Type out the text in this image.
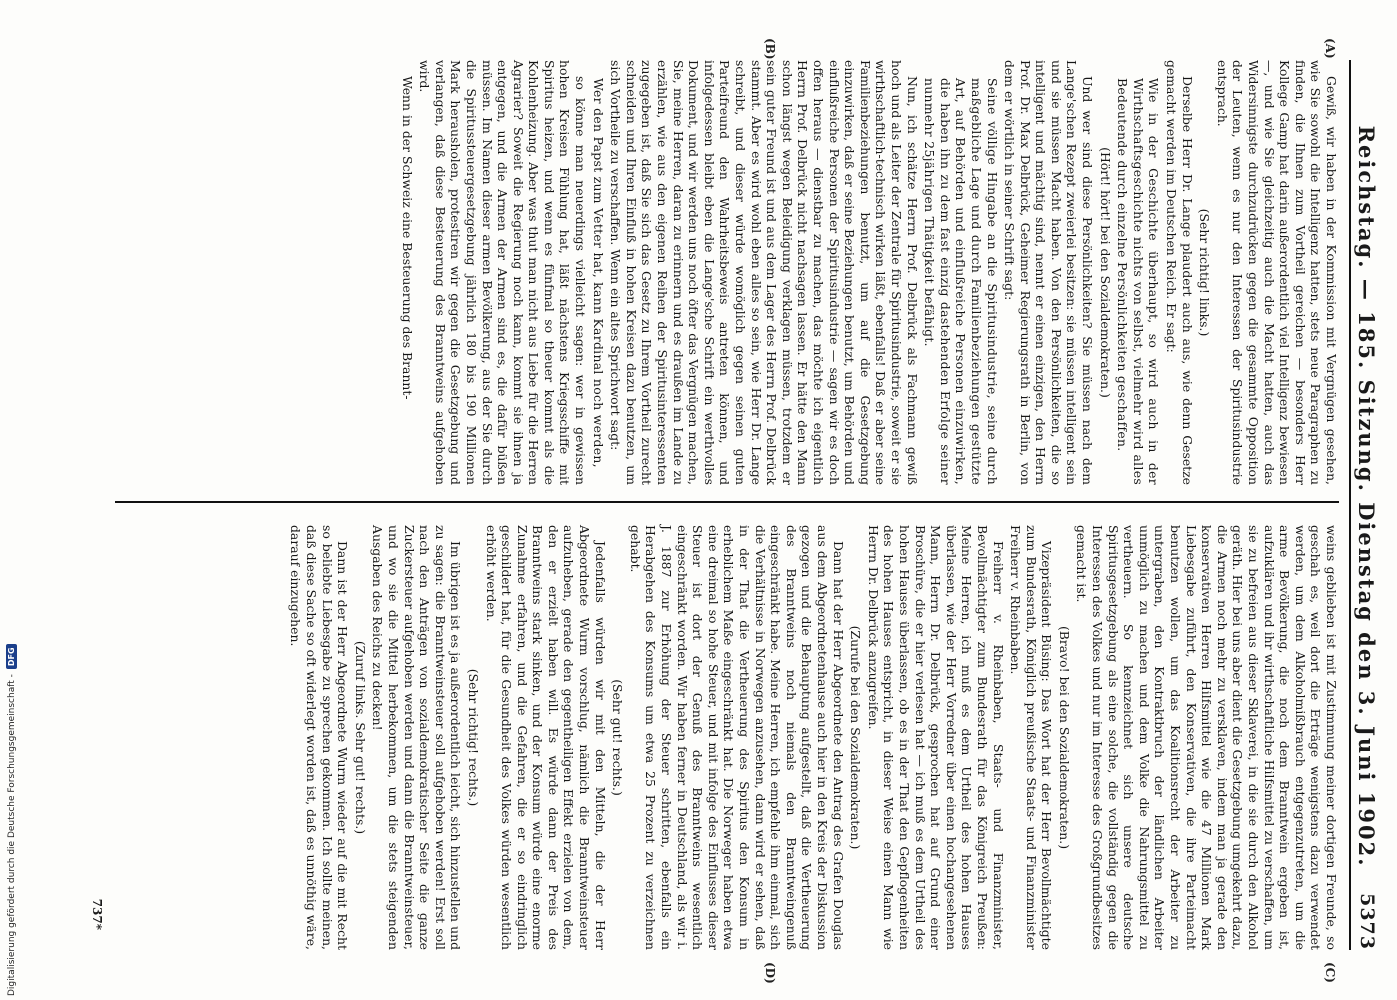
Reichstag. — 185. Sitzung. Dienstag den 3. Juni 1902.
5373
(A)
(B)
(C)
(D)

Gewiß, wir haben in der Kommission mit Vergnügen gesehen, wie Sie sowohl die Intelligenz hatten, stets neue Paragraphen zu finden, die Ihnen zum Vortheil gereichen — besonders Herr Kollege Gamp hat darin außerordentlich viel Intelligenz bewiesen —, und wie Sie gleichzeitig auch die Macht hatten, auch das Widersinnigste durchzudrücken gegen die gesammte Opposition der Leuten, wenn es nur den Interessen der Spiritusindustrie entsprach.

(Sehr richtig! links.)

Derselbe Herr Dr. Lange plaudert auch aus, wie denn Gesetze gemacht werden im Deutschen Reich. Er sagt:

Wie in der Geschichte überhaupt, so wird auch in der Wirthschaftsgeschichte nichts von selbst, vielmehr wird alles Bedeutende durch einzelne Persönlichkeiten geschaffen.

(Hört! hört! bei den Sozialdemokraten.)

Und wer sind diese Persönlichkeiten? Sie müssen nach dem Lange'schen Rezept zweierlei besitzen: sie müssen intelligent sein und sie müssen Macht haben. Von den Persönlichkeiten, die so intelligent und mächtig sind, nennt er einen einzigen, den Herrn Prof. Dr. Max Delbrück, Geheimer Regierungsrath in Berlin, von dem er wörtlich in seiner Schrift sagt:

Seine völlige Hingabe an die Spiritusindustrie, seine durch maßgebliche Lage und durch Familienbeziehungen gestützte Art, auf Behörden und einflußreiche Personen einzuwirken, die haben ihn zu dem fast einzig dastehenden Erfolge seiner nunmehr 25jährigen Thätigkeit befähigt.

Nun, ich schätze Herrn Prof. Delbrück als Fachmann gewiß hoch und als Leiter der Zentrale für Spiritusindustrie, soweit er sie wirthschaftlich-technisch wirken läßt, ebenfalls! Daß er aber seine Familienbeziehungen benutzt, um auf die Gesetzgebung einzuwirken, daß er seine Beziehungen benutzt, um Behörden und einflußreiche Personen der Spiritusindustrie — sagen wir es doch offen heraus — dienstbar zu machen, das möchte ich eigentlich Herrn Prof. Delbrück nicht nachsagen lassen. Er hätte den Mann schon längst wegen Beleidigung verklagen müssen, trotzdem er sein guter Freund ist und aus dem Lager des Herrn Prof. Delbrück stammt. Aber es wird wohl eben alles so sein, wie Herr Dr. Lange schreibt, und dieser würde womöglich gegen seinen guten Parteifreund den Wahrheitsbeweis antreten können, und infolgedessen bleibt eben die Lange'sche Schrift ein werthvolles Dokument, und wir werden uns noch öfter das Vergnügen machen, Sie, meine Herren, daran zu erinnern und es draußen im Lande zu erzählen, wie aus den eigenen Reihen der Spiritusinteressenten zugegeben ist, daß Sie sich das Gesetz zu Ihrem Vortheil zurecht schneiden und Ihren Einfluß in hohen Kreisen dazu benutzen, um sich Vortheile zu verschaffen. Wenn ein altes Sprichwort sagt:

Wer den Papst zum Vetter hat, kann Kardinal noch werden,

so könne man neuerdings vielleicht sagen: wer in gewissen hohen Kreisen Fühlung hat, läßt nächstens Kriegsschiffe mit Spiritus heizen, und wenn es fünfmal so theuer kommt als die Kohlenheizung. Aber was thut man nicht aus Liebe für die Herren Agrarier? Soweit die Regierung noch kann, kommt sie ihnen ja entgegen, und die Armen der Armen sind es, die dafür büßen müssen. Im Namen dieser armen Bevölkerung, aus der Sie durch die Spiritussteuergesetzgebung jährlich 180 bis 190 Millionen Mark herausholen, protestiren wir gegen die Gesetzgebung und verlangen, daß diese Besteuerung des Branntweins aufgehoben wird.

Wenn in der Schweiz eine Besteuerung des Brannt-

weins geblieben ist mit Zustimmung meiner dortigen Freunde, so geschah es, weil dort die Erträge wenigstens dazu verwendet werden, um dem Alkoholmißbrauch entgegenzutreten, um die arme Bevölkerung, die noch dem Branntwein ergeben ist, aufzuklären und ihr wirthschaftliche Hilfsmittel zu verschaffen, um sie zu befreien aus dieser Sklaverei, in die sie durch den Alkohol geräth. Hier bei uns aber dient die Gesetzgebung umgekehrt dazu, die Armen noch mehr zu versklaven, indem man ja gerade den konservativen Herren Hilfsmittel wie die 47 Millionen Mark Liebesgabe zuführt, den Konservativen, die ihre Parteimacht benutzen wollen, um das Koalitionsrecht der Arbeiter zu untergraben, den Kontraktbruch der ländlichen Arbeiter unmöglich zu machen und dem Volke die Nahrungsmittel zu vertheuern. So kennzeichnet sich unsere deutsche Spiritusgesetzgebung als eine solche, die vollständig gegen die Interessen des Volkes und nur im Interesse des Großgrundbesitzes gemacht ist.

(Bravo! bei den Sozialdemokraten.)

Vizepräsident Büsing: Das Wort hat der Herr Bevollmächtigte zum Bundesrath, Königlich preußische Staats- und Finanzminister Freiherr v. Rheinbaben.

Freiherr v. Rheinbaben, Staats- und Finanzminister, Bevollmächtigter zum Bundesrath für das Königreich Preußen: Meine Herren, ich muß es dem Urtheil des hohen Hauses überlassen, wie der Herr Vorredner über einen hochangesehenen Mann, Herrn Dr. Delbrück, gesprochen hat auf Grund einer Broschüre, die er hier verlesen hat — ich muß es dem Urtheil des hohen Hauses überlassen, ob es in der That den Gepflogenheiten des hohen Hauses entspricht, in dieser Weise einen Mann wie Herrn Dr. Delbrück anzugreifen.

(Zurufe bei den Sozialdemokraten.)

Dann hat der Herr Abgeordnete den Antrag des Grafen Douglas aus dem Abgeordnetenhause auch hier in den Kreis der Diskussion gezogen und die Behauptung aufgestellt, daß die Vertheuerung des Branntweins noch niemals den Branntweingenuß eingeschränkt habe. Meine Herren, ich empfehle ihm einmal, sich die Verhältnisse in Norwegen anzusehen, dann wird er sehen, daß in der That die Vertheuerung des Spiritus den Konsum in erheblichem Maße eingeschränkt hat. Die Norweger haben etwa eine dreimal so hohe Steuer, und mit infolge des Einflusses dieser Steuer ist dort der Genuß des Branntweins wesentlich eingeschränkt worden. Wir haben ferner in Deutschland, als wir i. J. 1887 zur Erhöhung der Steuer schritten, ebenfalls ein Herabgehen des Konsums um etwa 25 Prozent zu verzeichnen gehabt.

(Sehr gut! rechts.)

Jedenfalls würden wir mit den Mitteln, die der Herr Abgeordnete Wurm vorschlug, nämlich die Branntweinsteuer aufzuheben, gerade den gegentheiligen Effekt erzielen von dem, den er erzielt haben will. Es würde dann der Preis des Branntweins stark sinken, und der Konsum würde eine enorme Zunahme erfahren, und die Gefahren, die er so eindringlich geschildert hat, für die Gesundheit des Volkes würden wesentlich erhöht werden.

(Sehr richtig! rechts.)

Im übrigen ist es ja außerordentlich leicht, sich hinzustellen und zu sagen: die Branntweinsteuer soll aufgehoben werden! Erst soll nach den Anträgen von sozialdemokratischer Seite die ganze Zuckersteuer aufgehoben werden und dann die Branntweinsteuer, und wo sie die Mittel herbekommen, um die stets steigenden Ausgaben des Reichs zu decken!

(Zuruf links. Sehr gut! rechts.)

Dann ist der Herr Abgeordnete Wurm wieder auf die mit Recht so beliebte Liebesgabe zu sprechen gekommen. Ich sollte meinen, daß diese Sache so oft widerlegt worden ist, daß es unnöthig wäre, darauf einzugehen.

737*
Digitalisierung gefördert durch die Deutsche Forschungsgemeinschaft -
DFG
